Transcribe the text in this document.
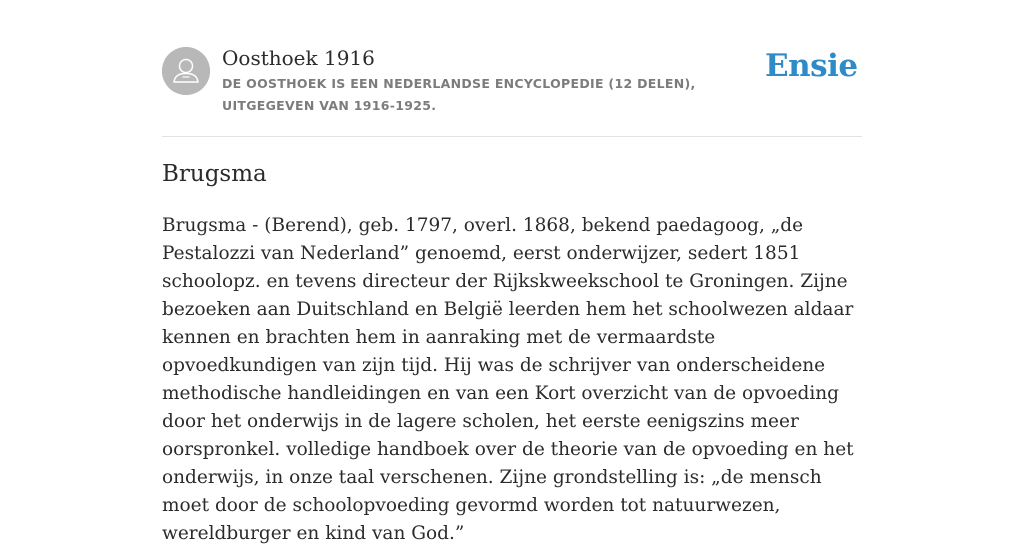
Oosthoek 1916
DE OOSTHOEK IS EEN NEDERLANDSE ENCYCLOPEDIE (12 DELEN), UITGEGEVEN VAN 1916-1925.
Ensie
Brugsma
Brugsma - (Berend), geb. 1797, overl. 1868, bekend paedagoog, „de Pestalozzi van Nederland” genoemd, eerst onderwijzer, sedert 1851 schoolopz. en tevens directeur der Rijkskweekschool te Groningen. Zijne bezoeken aan Duitschland en België leerden hem het schoolwezen aldaar kennen en brachten hem in aanraking met de vermaardste opvoedkundigen van zijn tijd. Hij was de schrijver van onderscheidene methodische handleidingen en van een Kort overzicht van de opvoeding door het onderwijs in de lagere scholen, het eerste eenigszins meer oorspronkel. volledige handboek over de theorie van de opvoeding en het onderwijs, in onze taal verschenen. Zijne grondstelling is: „de mensch moet door de schoolopvoeding gevormd worden tot natuurwezen, wereldburger en kind van God.”
